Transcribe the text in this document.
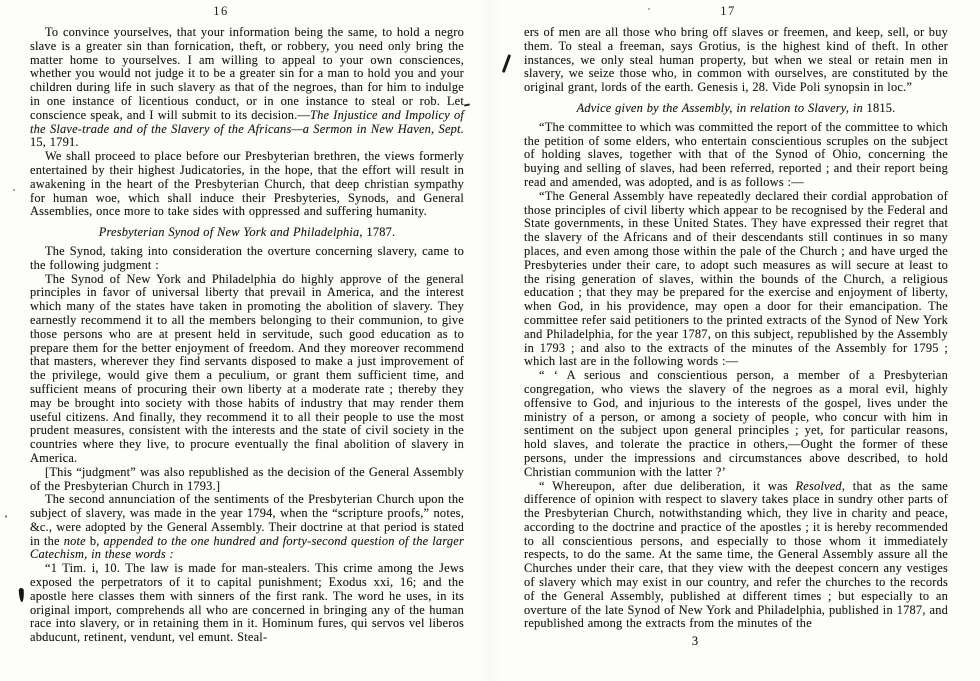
16

To convince yourselves, that your information being the same, to hold a negro slave is a greater sin than fornication, theft, or robbery, you need only bring the matter home to yourselves. I am willing to appeal to your own consciences, whether you would not judge it to be a greater sin for a man to hold you and your children during life in such slavery as that of the negroes, than for him to indulge in one instance of licentious conduct, or in one instance to steal or rob. Let conscience speak, and I will submit to its decision.—The Injustice and Impolicy of the Slave-trade and of the Slavery of the Africans—a Sermon in New Haven, Sept. 15, 1791.

We shall proceed to place before our Presbyterian brethren, the views formerly entertained by their highest Judicatories, in the hope, that the effort will result in awakening in the heart of the Presbyterian Church, that deep christian sympathy for human woe, which shall induce their Presbyteries, Synods, and General Assemblies, once more to take sides with oppressed and suffering humanity.

Presbyterian Synod of New York and Philadelphia, 1787.

The Synod, taking into consideration the overture concerning slavery, came to the following judgment :

The Synod of New York and Philadelphia do highly approve of the general principles in favor of universal liberty that prevail in America, and the interest which many of the states have taken in promoting the abolition of slavery. They earnestly recommend it to all the members belonging to their communion, to give those persons who are at present held in servitude, such good education as to prepare them for the better enjoyment of freedom. And they moreover recommend that masters, wherever they find servants disposed to make a just improvement of the privilege, would give them a peculium, or grant them sufficient time, and sufficient means of procuring their own liberty at a moderate rate ; thereby they may be brought into society with those habits of industry that may render them useful citizens. And finally, they recommend it to all their people to use the most prudent measures, consistent with the interests and the state of civil society in the countries where they live, to procure eventually the final abolition of slavery in America.

[This “judgment” was also republished as the decision of the General Assembly of the Presbyterian Church in 1793.]

The second annunciation of the sentiments of the Presbyterian Church upon the subject of slavery, was made in the year 1794, when the “scripture proofs,” notes, &c., were adopted by the General Assembly. Their doctrine at that period is stated in the note b, appended to the one hundred and forty-second question of the larger Catechism, in these words :

“1 Tim. i, 10. The law is made for man-stealers. This crime among the Jews exposed the perpetrators of it to capital punishment; Exodus xxi, 16; and the apostle here classes them with sinners of the first rank. The word he uses, in its original import, comprehends all who are concerned in bringing any of the human race into slavery, or in retaining them in it. Hominum fures, qui servos vel liberos abducunt, retinent, vendunt, vel emunt. Steal-

17

ers of men are all those who bring off slaves or freemen, and keep, sell, or buy them. To steal a freeman, says Grotius, is the highest kind of theft. In other instances, we only steal human property, but when we steal or retain men in slavery, we seize those who, in common with ourselves, are constituted by the original grant, lords of the earth. Genesis i, 28. Vide Poli synopsin in loc.”

Advice given by the Assembly, in relation to Slavery, in 1815.

“The committee to which was committed the report of the committee to which the petition of some elders, who entertain conscientious scruples on the subject of holding slaves, together with that of the Synod of Ohio, concerning the buying and selling of slaves, had been referred, reported ; and their report being read and amended, was adopted, and is as follows :—

“The General Assembly have repeatedly declared their cordial approbation of those principles of civil liberty which appear to be recognised by the Federal and State governments, in these United States. They have expressed their regret that the slavery of the Africans and of their descendants still continues in so many places, and even among those within the pale of the Church ; and have urged the Presbyteries under their care, to adopt such measures as will secure at least to the rising generation of slaves, within the bounds of the Church, a religious education ; that they may be prepared for the exercise and enjoyment of liberty, when God, in his providence, may open a door for their emancipation. The committee refer said petitioners to the printed extracts of the Synod of New York and Philadelphia, for the year 1787, on this subject, republished by the Assembly in 1793 ; and also to the extracts of the minutes of the Assembly for 1795 ; which last are in the following words :—

“ ‘ A serious and conscientious person, a member of a Presbyterian congregation, who views the slavery of the negroes as a moral evil, highly offensive to God, and injurious to the interests of the gospel, lives under the ministry of a person, or among a society of people, who concur with him in sentiment on the subject upon general principles ; yet, for particular reasons, hold slaves, and tolerate the practice in others,—Ought the former of these persons, under the impressions and circumstances above described, to hold Christian communion with the latter ?’

“ Whereupon, after due deliberation, it was Resolved, that as the same difference of opinion with respect to slavery takes place in sundry other parts of the Presbyterian Church, notwithstanding which, they live in charity and peace, according to the doctrine and practice of the apostles ; it is hereby recommended to all conscientious persons, and especially to those whom it immediately respects, to do the same. At the same time, the General Assembly assure all the Churches under their care, that they view with the deepest concern any vestiges of slavery which may exist in our country, and refer the churches to the records of the General Assembly, published at different times ; but especially to an overture of the late Synod of New York and Philadelphia, published in 1787, and republished among the extracts from the minutes of the

3
